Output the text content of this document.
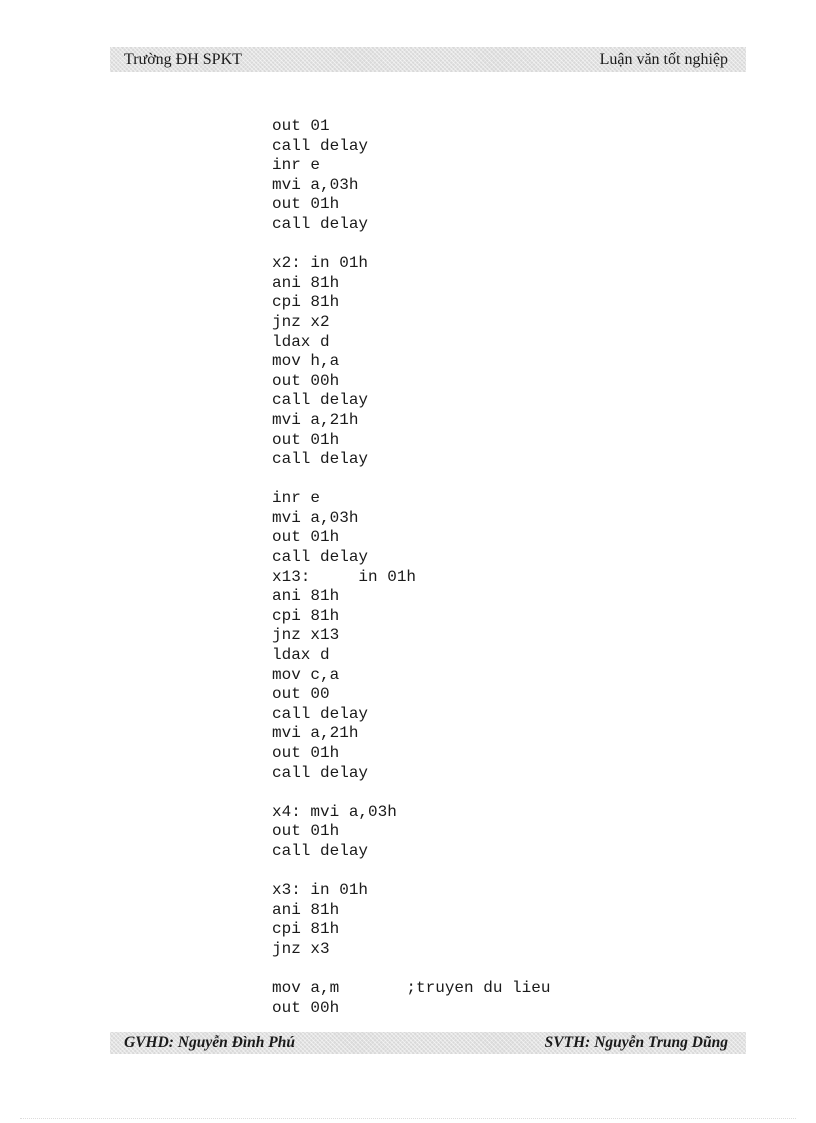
Trường ĐH SPKT	Luận văn tốt nghiệp
out 01
call delay
inr e
mvi a,03h
out 01h
call delay
x2: in 01h
ani 81h
cpi 81h
jnz x2
ldax d
mov h,a
out 00h
call delay
mvi a,21h
out 01h
call delay
inr e
mvi a,03h
out 01h
call delay
x13:     in 01h
ani 81h
cpi 81h
jnz x13
ldax d
mov c,a
out 00
call delay
mvi a,21h
out 01h
call delay
x4: mvi a,03h
out 01h
call delay
x3: in 01h
ani 81h
cpi 81h
jnz x3
mov a,m       ;truyen du lieu
out 00h
GVHD: Nguyễn Đình Phú	SVTH: Nguyễn Trung Dũng
